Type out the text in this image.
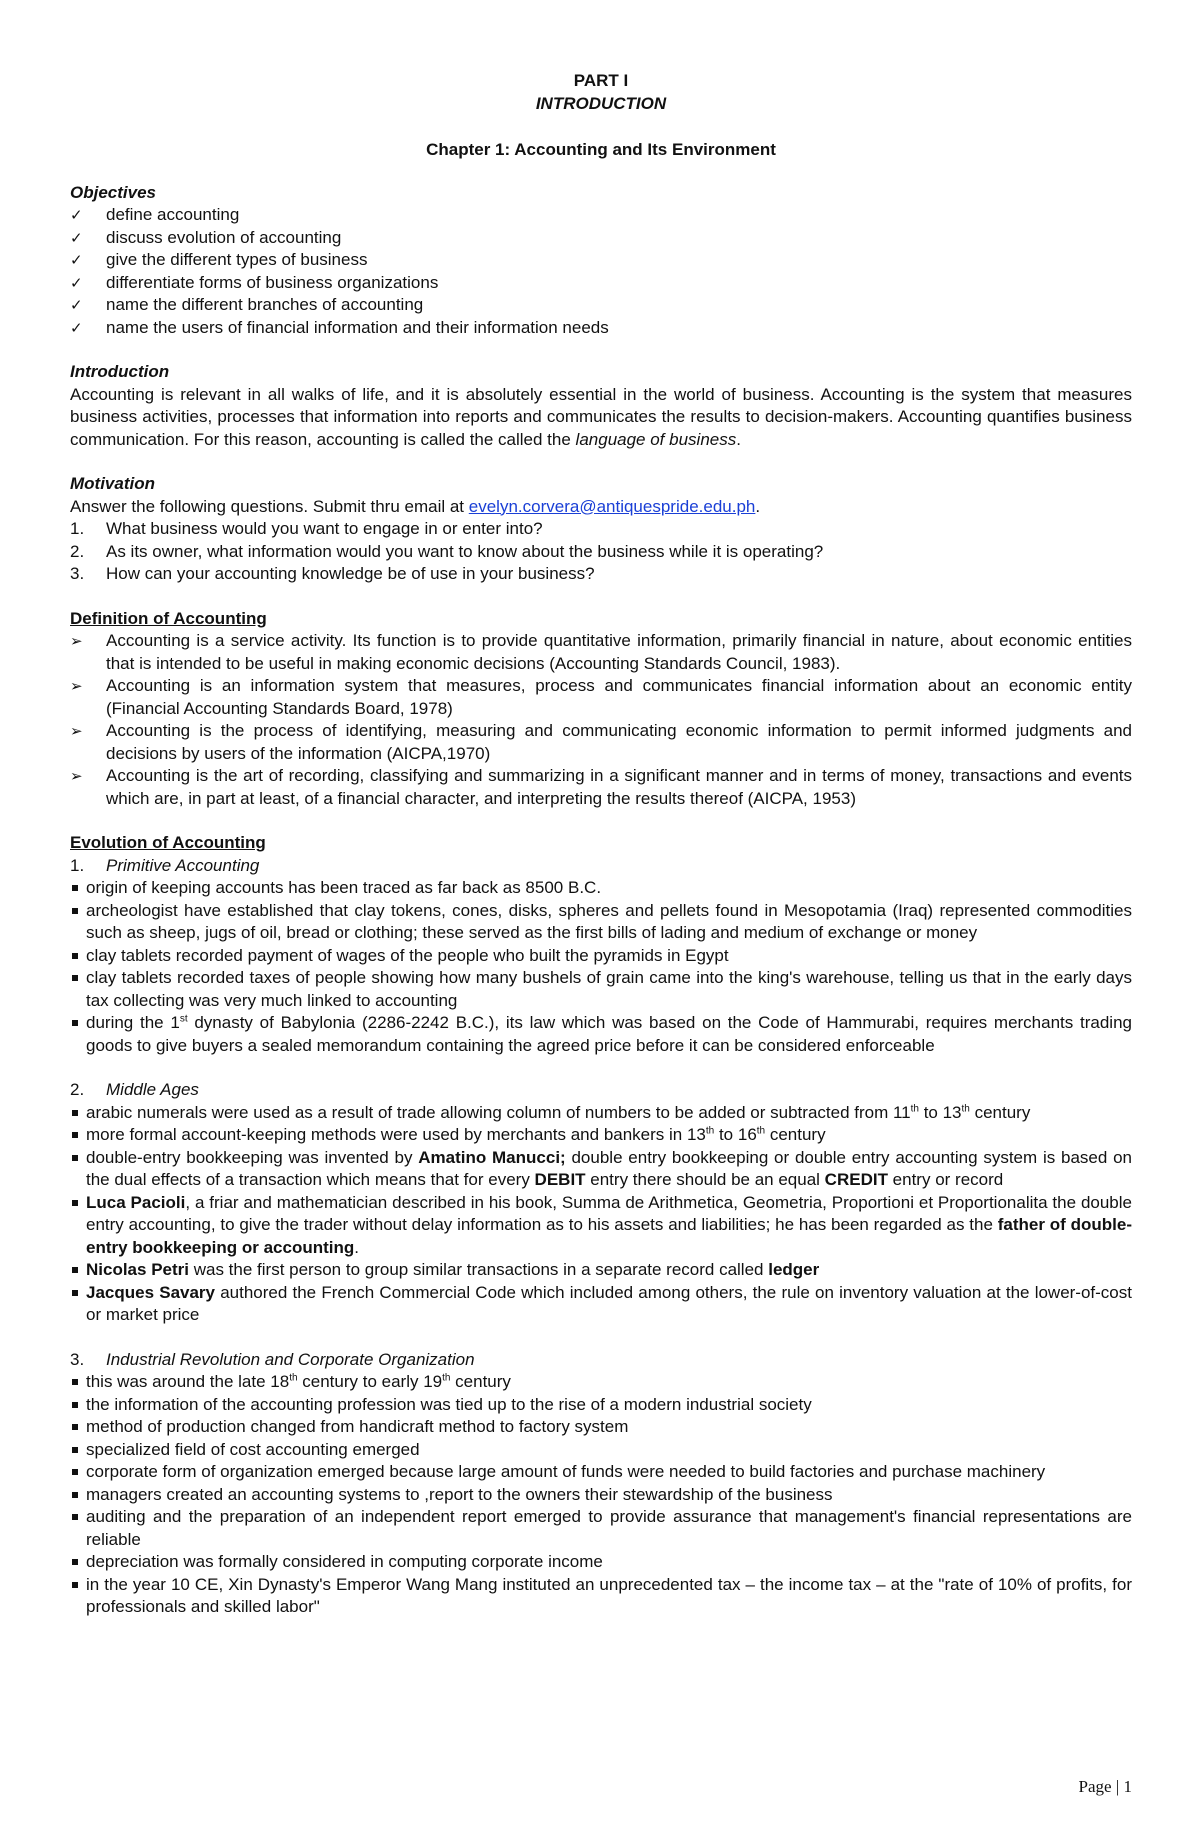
PART I
INTRODUCTION
Chapter 1: Accounting and Its Environment
Objectives
✓ define accounting
✓ discuss evolution of accounting
✓ give the different types of business
✓ differentiate forms of business organizations
✓ name the different branches of accounting
✓ name the users of financial information and their information needs
Introduction

Accounting is relevant in all walks of life, and it is absolutely essential in the world of business. Accounting is the system that measures business activities, processes that information into reports and communicates the results to decision-makers. Accounting quantifies business communication. For this reason, accounting is called the called the language of business.

Motivation

Answer the following questions. Submit thru email at evelyn.corvera@antiquespride.edu.ph.

1. What business would you want to engage in or enter into?
2. As its owner, what information would you want to know about the business while it is operating?
3. How can your accounting knowledge be of use in your business?
Definition of Accounting
➢ Accounting is a service activity. Its function is to provide quantitative information, primarily financial in nature, about economic entities that is intended to be useful in making economic decisions (Accounting Standards Council, 1983).
➢ Accounting is an information system that measures, process and communicates financial information about an economic entity (Financial Accounting Standards Board, 1978)
➢ Accounting is the process of identifying, measuring and communicating economic information to permit informed judgments and decisions by users of the information (AICPA,1970)
➢ Accounting is the art of recording, classifying and summarizing in a significant manner and in terms of money, transactions and events which are, in part at least, of a financial character, and interpreting the results thereof (AICPA, 1953)
Evolution of Accounting
1. Primitive Accounting
origin of keeping accounts has been traced as far back as 8500 B.C.
archeologist have established that clay tokens, cones, disks, spheres and pellets found in Mesopotamia (Iraq) represented commodities such as sheep, jugs of oil, bread or clothing; these served as the first bills of lading and medium of exchange or money
clay tablets recorded payment of wages of the people who built the pyramids in Egypt
clay tablets recorded taxes of people showing how many bushels of grain came into the king's warehouse, telling us that in the early days tax collecting was very much linked to accounting
during the 1st dynasty of Babylonia (2286-2242 B.C.), its law which was based on the Code of Hammurabi, requires merchants trading goods to give buyers a sealed memorandum containing the agreed price before it can be considered enforceable
2. Middle Ages
arabic numerals were used as a result of trade allowing column of numbers to be added or subtracted from 11th to 13th century
more formal account-keeping methods were used by merchants and bankers in 13th to 16th century
double-entry bookkeeping was invented by Amatino Manucci; double entry bookkeeping or double entry accounting system is based on the dual effects of a transaction which means that for every DEBIT entry there should be an equal CREDIT entry or record
Luca Pacioli, a friar and mathematician described in his book, Summa de Arithmetica, Geometria, Proportioni et Proportionalita the double entry accounting, to give the trader without delay information as to his assets and liabilities; he has been regarded as the father of double-entry bookkeeping or accounting.
Nicolas Petri was the first person to group similar transactions in a separate record called ledger
Jacques Savary authored the French Commercial Code which included among others, the rule on inventory valuation at the lower-of-cost or market price
3. Industrial Revolution and Corporate Organization
this was around the late 18th century to early 19th century
the information of the accounting profession was tied up to the rise of a modern industrial society
method of production changed from handicraft method to factory system
specialized field of cost accounting emerged
corporate form of organization emerged because large amount of funds were needed to build factories and purchase machinery
managers created an accounting systems to ,report to the owners their stewardship of the business
auditing and the preparation of an independent report emerged to provide assurance that management's financial representations are reliable
depreciation was formally considered in computing corporate income
in the year 10 CE, Xin Dynasty's Emperor Wang Mang instituted an unprecedented tax – the income tax – at the "rate of 10% of profits, for professionals and skilled labor"
Page | 1
